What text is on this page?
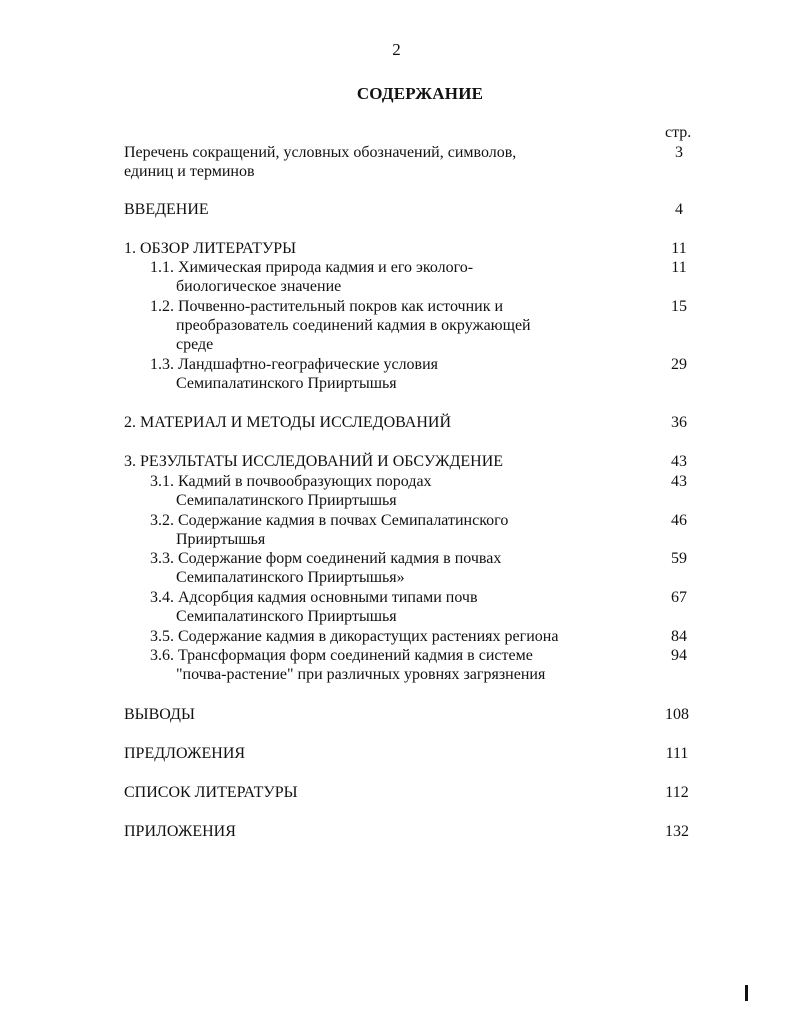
2
СОДЕРЖАНИЕ
стр.
Перечень сокращений, условных обозначений, символов,	3
единиц и терминов
ВВЕДЕНИЕ	4
1. ОБЗОР ЛИТЕРАТУРЫ	11
1.1. Химическая природа кадмия и его эколого-	11
биологическое значение
1.2. Почвенно-растительный покров как источник и	15
преобразователь соединений кадмия в окружающей
среде
1.3. Ландшафтно-географические условия	29
Семипалатинского Прииртышья
2. МАТЕРИАЛ И МЕТОДЫ ИССЛЕДОВАНИЙ	36
3. РЕЗУЛЬТАТЫ ИССЛЕДОВАНИЙ И ОБСУЖДЕНИЕ	43
3.1. Кадмий в почвообразующих породах	43
Семипалатинского Прииртышья
3.2. Содержание кадмия в почвах Семипалатинского	46
Прииртышья
3.3. Содержание форм соединений кадмия в почвах	59
Семипалатинского Прииртышья»
3.4. Адсорбция кадмия основными типами почв	67
Семипалатинского Прииртышья
3.5. Содержание кадмия в дикорастущих растениях региона	84
3.6. Трансформация форм соединений кадмия в системе	94
"почва-растение" при различных уровнях загрязнения
ВЫВОДЫ	108
ПРЕДЛОЖЕНИЯ	111
СПИСОК ЛИТЕРАТУРЫ	112
ПРИЛОЖЕНИЯ	132
